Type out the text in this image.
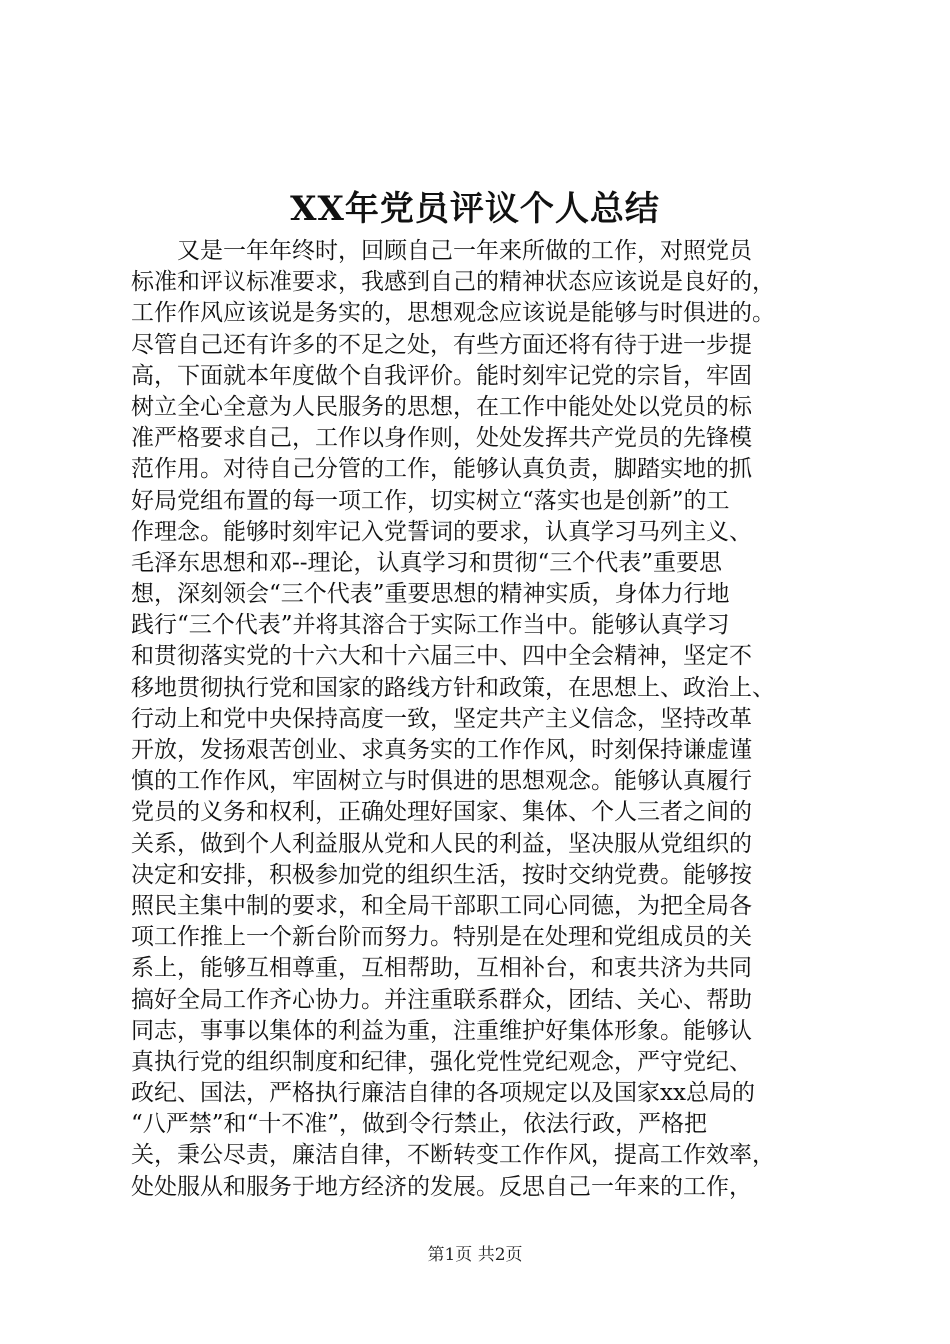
XX年党员评议个人总结
又是一年年终时，回顾自己一年来所做的工作，对照党员
标准和评议标准要求，我感到自己的精神状态应该说是良好的，
工作作风应该说是务实的，思想观念应该说是能够与时俱进的。
尽管自己还有许多的不足之处，有些方面还将有待于进一步提
高，下面就本年度做个自我评价。能时刻牢记党的宗旨，牢固
树立全心全意为人民服务的思想，在工作中能处处以党员的标
准严格要求自己，工作以身作则，处处发挥共产党员的先锋模
范作用。对待自己分管的工作，能够认真负责，脚踏实地的抓
好局党组布置的每一项工作，切实树立“落实也是创新”的工
作理念。能够时刻牢记入党誓词的要求，认真学习马列主义、
毛泽东思想和邓--理论，认真学习和贯彻“三个代表”重要思
想，深刻领会“三个代表”重要思想的精神实质，身体力行地
践行“三个代表”并将其溶合于实际工作当中。能够认真学习
和贯彻落实党的十六大和十六届三中、四中全会精神，坚定不
移地贯彻执行党和国家的路线方针和政策，在思想上、政治上、
行动上和党中央保持高度一致，坚定共产主义信念，坚持改革
开放，发扬艰苦创业、求真务实的工作作风，时刻保持谦虚谨
慎的工作作风，牢固树立与时俱进的思想观念。能够认真履行
党员的义务和权利，正确处理好国家、集体、个人三者之间的
关系，做到个人利益服从党和人民的利益，坚决服从党组织的
决定和安排，积极参加党的组织生活，按时交纳党费。能够按
照民主集中制的要求，和全局干部职工同心同德，为把全局各
项工作推上一个新台阶而努力。特别是在处理和党组成员的关
系上，能够互相尊重，互相帮助，互相补台，和衷共济为共同
搞好全局工作齐心协力。并注重联系群众，团结、关心、帮助
同志，事事以集体的利益为重，注重维护好集体形象。能够认
真执行党的组织制度和纪律，强化党性党纪观念，严守党纪、
政纪、国法，严格执行廉洁自律的各项规定以及国家xx总局的
“八严禁”和“十不准”，做到令行禁止，依法行政，严格把
关，秉公尽责，廉洁自律，不断转变工作作风，提高工作效率，
处处服从和服务于地方经济的发展。反思自己一年来的工作，
第1页 共2页
